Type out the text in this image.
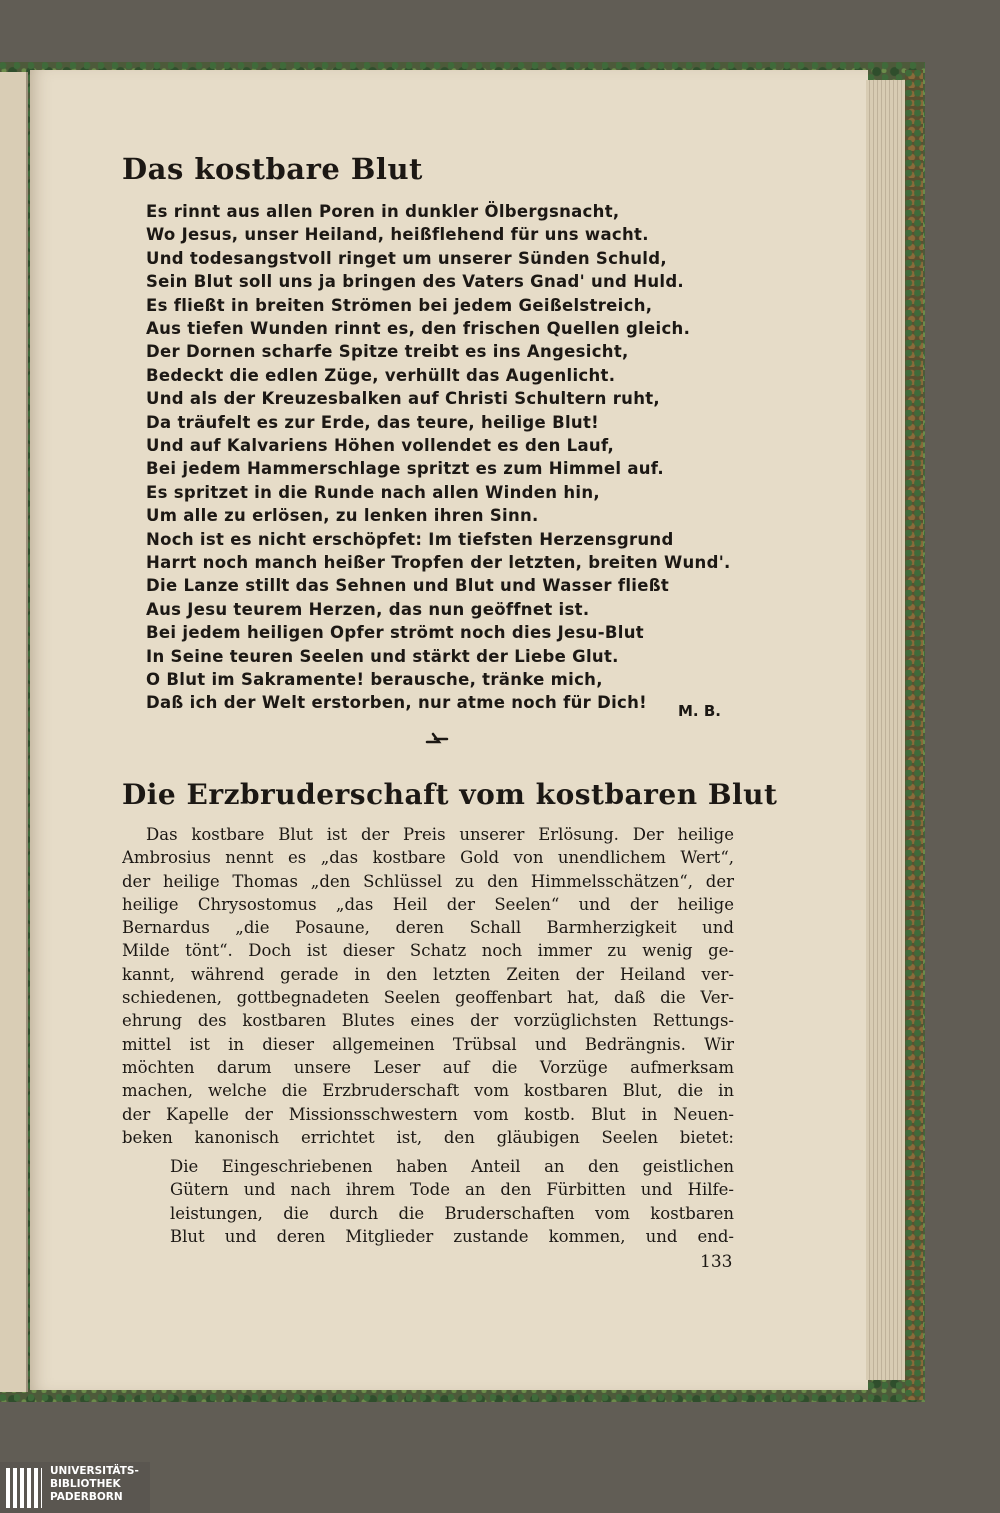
Das kostbare Blut
Es rinnt aus allen Poren in dunkler Ölbergsnacht,
Wo Jesus, unser Heiland, heißflehend für uns wacht.
Und todesangstvoll ringet um unserer Sünden Schuld,
Sein Blut soll uns ja bringen des Vaters Gnad' und Huld.
Es fließt in breiten Strömen bei jedem Geißelstreich,
Aus tiefen Wunden rinnt es, den frischen Quellen gleich.
Der Dornen scharfe Spitze treibt es ins Angesicht,
Bedeckt die edlen Züge, verhüllt das Augenlicht.
Und als der Kreuzesbalken auf Christi Schultern ruht,
Da träufelt es zur Erde, das teure, heilige Blut!
Und auf Kalvariens Höhen vollendet es den Lauf,
Bei jedem Hammerschlage spritzt es zum Himmel auf.
Es spritzet in die Runde nach allen Winden hin,
Um alle zu erlösen, zu lenken ihren Sinn.
Noch ist es nicht erschöpfet: Im tiefsten Herzensgrund
Harrt noch manch heißer Tropfen der letzten, breiten Wund'.
Die Lanze stillt das Sehnen und Blut und Wasser fließt
Aus Jesu teurem Herzen, das nun geöffnet ist.
Bei jedem heiligen Opfer strömt noch dies Jesu-Blut
In Seine teuren Seelen und stärkt der Liebe Glut.
O Blut im Sakramente! berausche, tränke mich,
Daß ich der Welt erstorben, nur atme noch für Dich! M. B.
Die Erzbruderschaft vom kostbaren Blut
Das kostbare Blut ist der Preis unserer Erlösung. Der heilige
Ambrosius nennt es „das kostbare Gold von unendlichem Wert“,
der heilige Thomas „den Schlüssel zu den Himmelsschätzen“, der
heilige Chrysostomus „das Heil der Seelen“ und der heilige
Bernardus „die Posaune, deren Schall Barmherzigkeit und
Milde tönt“. Doch ist dieser Schatz noch immer zu wenig ge-
kannt, während gerade in den letzten Zeiten der Heiland ver-
schiedenen, gottbegnadeten Seelen geoffenbart hat, daß die Ver-
ehrung des kostbaren Blutes eines der vorzüglichsten Rettungs-
mittel ist in dieser allgemeinen Trübsal und Bedrängnis. Wir
möchten darum unsere Leser auf die Vorzüge aufmerksam
machen, welche die Erzbruderschaft vom kostbaren Blut, die in
der Kapelle der Missionsschwestern vom kostb. Blut in Neuen-
beken kanonisch errichtet ist, den gläubigen Seelen bietet:
Die Eingeschriebenen haben Anteil an den geistlichen
Gütern und nach ihrem Tode an den Fürbitten und Hilfe-
leistungen, die durch die Bruderschaften vom kostbaren
Blut und deren Mitglieder zustande kommen, und end-
133
UNIVERSITÄTS-
BIBLIOTHEK
PADERBORN
